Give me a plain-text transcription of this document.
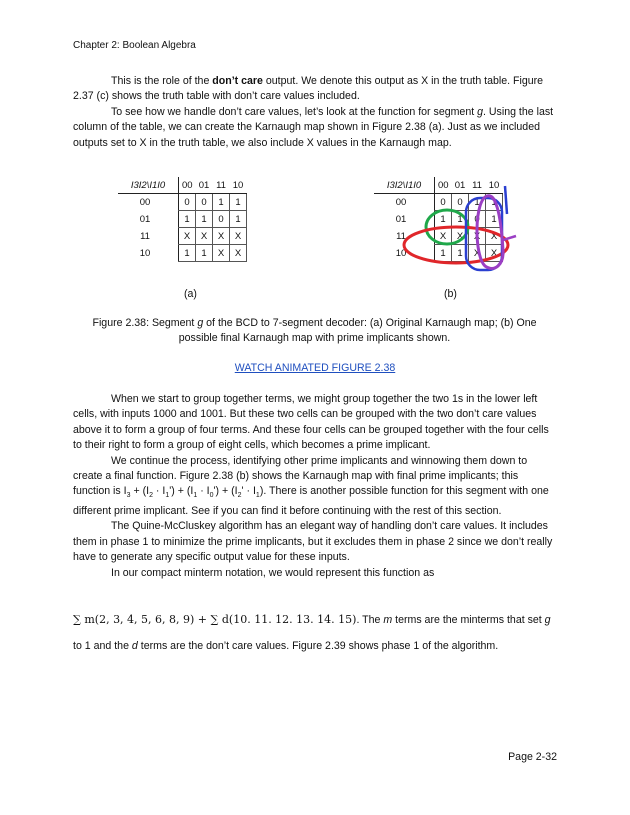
Chapter 2: Boolean Algebra

This is the role of the don’t care output. We denote this output as X in the truth table. Figure 2.37 (c) shows the truth table with don’t care values included.

To see how we handle don’t care values, let’s look at the function for segment g. Using the last column of the table, we can create the Karnaugh map shown in Figure 2.38 (a). Just as we included outputs set to X in the truth table, we also include X values in the Karnaugh map.

I3I2\I1I0	00	01	11	10
00	0	0	1	1
01	1	1	0	1
11	X	X	X	X
10	1	1	X	X
(a)
I3I2\I1I0	00	01	11	10
00	0	0	1	1
01	1	1	0	1
11	X	X	X	X
10	1	1	X	X
(b)
Figure 2.38: Segment g of the BCD to 7-segment decoder: (a) Original Karnaugh map; (b) One possible final Karnaugh map with prime implicants shown.
WATCH ANIMATED FIGURE 2.38

When we start to group together terms, we might group together the two 1s in the lower left cells, with inputs 1000 and 1001. But these two cells can be grouped with the two don’t care values above it to form a group of four terms. And these four cells can be grouped together with the four cells to their right to form a group of eight cells, which becomes a prime implicant.

We continue the process, identifying other prime implicants and winnowing them down to create a final function. Figure 2.38 (b) shows the Karnaugh map with final prime implicants; this function is $I_3 + (I_2 \cdot I_1') + (I_1 \cdot I_0') + (I_2' \cdot I_1)$. There is another possible function for this segment with one different prime implicant. See if you can find it before continuing with the rest of this section.

The Quine-McCluskey algorithm has an elegant way of handling don’t care values. It includes them in phase 1 to minimize the prime implicants, but it excludes them in phase 2 since we don’t really have to generate any specific output value for these inputs.

In our compact minterm notation, we would represent this function as

∑ m(2, 3, 4, 5, 6, 8, 9) + ∑ d(10. 11. 12. 13. 14. 15). The m terms are the minterms that set g
to 1 and the d terms are the don’t care values. Figure 2.39 shows phase 1 of the algorithm.
Page 2-32
